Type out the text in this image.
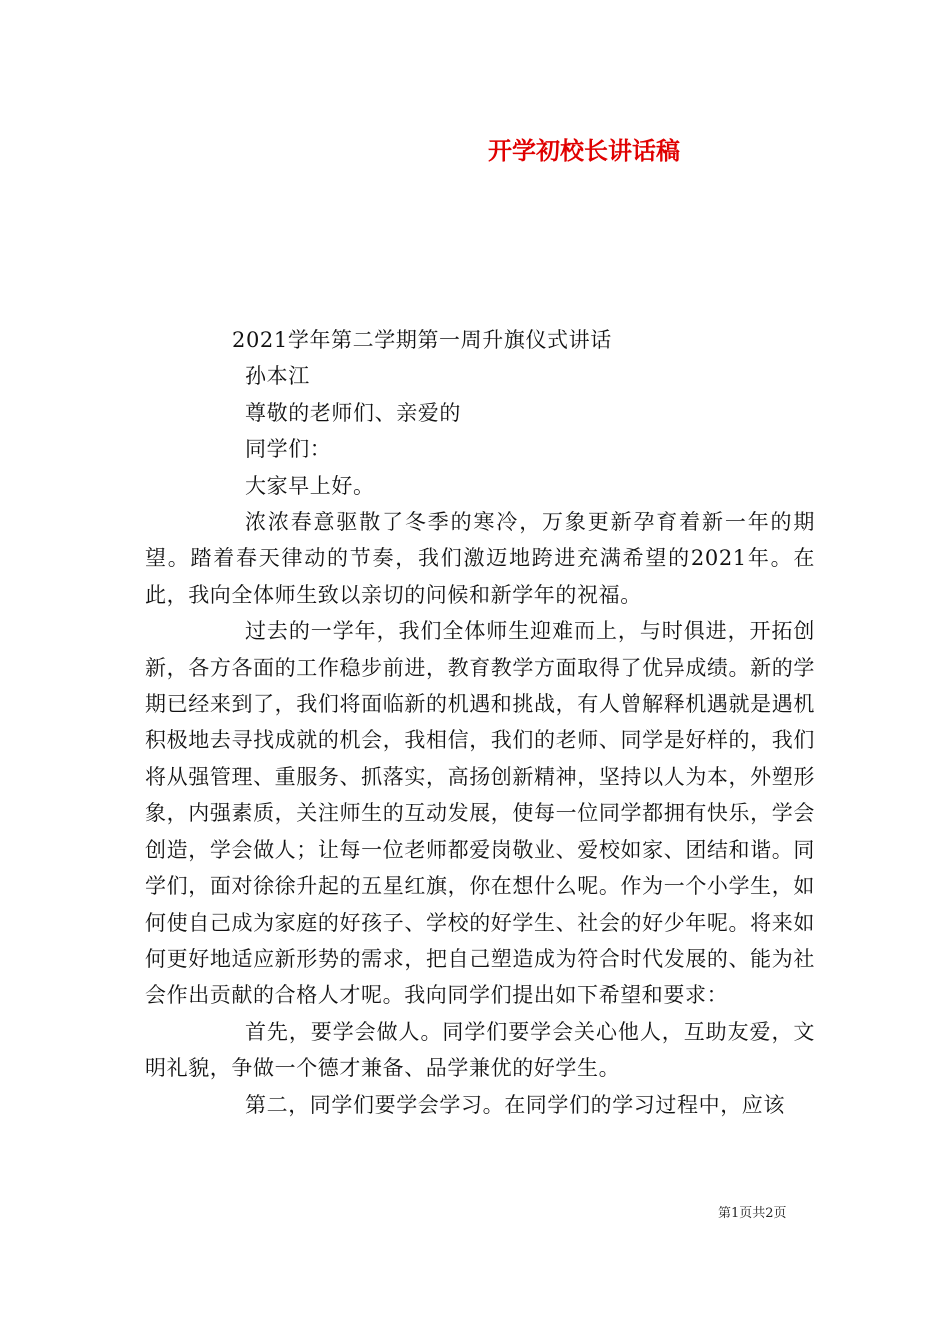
开学初校长讲话稿

2021学年第二学期第一周升旗仪式讲话

孙本江

尊敬的老师们、亲爱的

同学们：

大家早上好。

浓浓春意驱散了冬季的寒冷，万象更新孕育着新一年的期望。踏着春天律动的节奏，我们激迈地跨进充满希望的2021年。在此，我向全体师生致以亲切的问候和新学年的祝福。

过去的一学年，我们全体师生迎难而上，与时俱进，开拓创新，各方各面的工作稳步前进，教育教学方面取得了优异成绩。新的学期已经来到了，我们将面临新的机遇和挑战，有人曾解释机遇就是遇机积极地去寻找成就的机会，我相信，我们的老师、同学是好样的，我们将从强管理、重服务、抓落实，高扬创新精神，坚持以人为本，外塑形象，内强素质，关注师生的互动发展，使每一位同学都拥有快乐，学会创造，学会做人；让每一位老师都爱岗敬业、爱校如家、团结和谐。同学们，面对徐徐升起的五星红旗，你在想什么呢。作为一个小学生，如何使自己成为家庭的好孩子、学校的好学生、社会的好少年呢。将来如何更好地适应新形势的需求，把自己塑造成为符合时代发展的、能为社会作出贡献的合格人才呢。我向同学们提出如下希望和要求：

首先，要学会做人。同学们要学会关心他人，互助友爱，文明礼貌，争做一个德才兼备、品学兼优的好学生。

第二，同学们要学会学习。在同学们的学习过程中，应该

第1页共2页
